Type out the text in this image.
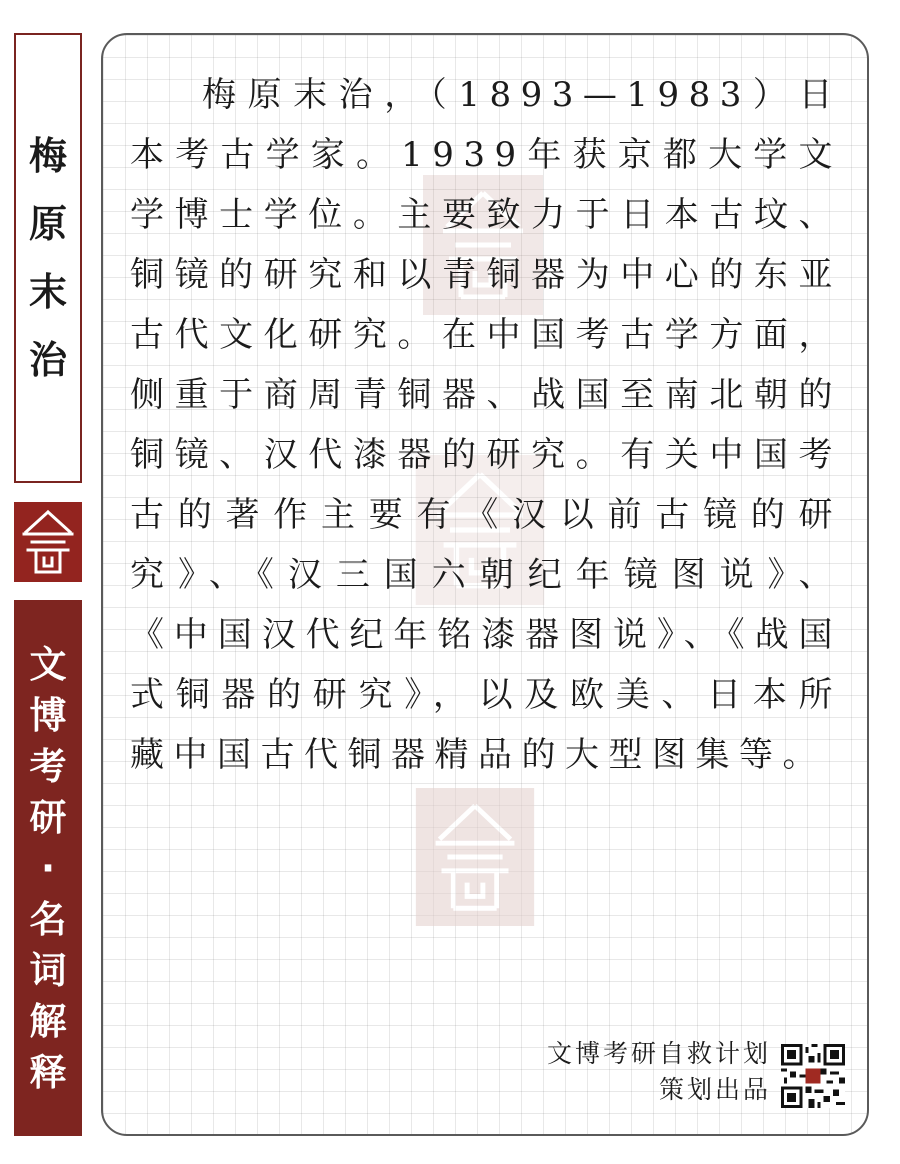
梅
原
末
治
文
博
考
研
·
名
词
解
释

梅原末治，（1893—1983）日本考古学家。1939年获京都大学文学博士学位。主要致力于日本古坟、铜镜的研究和以青铜器为中心的东亚古代文化研究。在中国考古学方面，侧重于商周青铜器、战国至南北朝的铜镜、汉代漆器的研究。有关中国考古的著作主要有《汉以前古镜的研究》、《汉三国六朝纪年镜图说》、《中国汉代纪年铭漆器图说》、《战国式铜器的研究》，以及欧美、日本所藏中国古代铜器精品的大型图集等。

文博考研自救计划
策划出品
